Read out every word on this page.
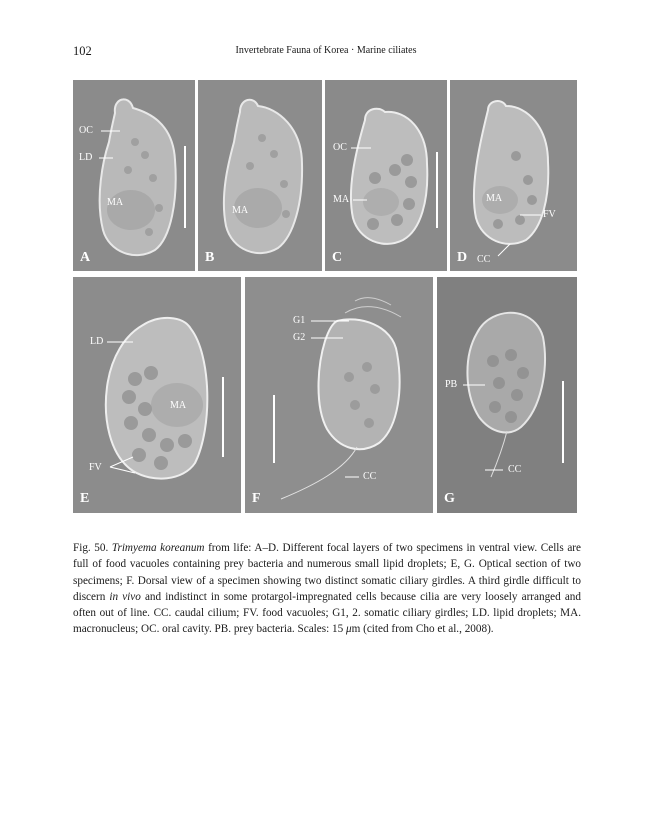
102	Invertebrate Fauna of Korea · Marine ciliates
OC
LD
MA
A
MA
B
OC
MA
C
MA
FV
CC
D
LD
MA
FV
E
G1
G2
CC
F
PB
CC
G

Fig. 50. Trimyema koreanum from life: A–D. Different focal layers of two specimens in ventral view. Cells are full of food vacuoles containing prey bacteria and numerous small lipid droplets; E, G. Optical section of two specimens; F. Dorsal view of a specimen showing two distinct somatic ciliary girdles. A third girdle difficult to discern in vivo and indistinct in some protargol-impregnated cells because cilia are very loosely arranged and often out of line. CC. caudal cilium; FV. food vacuoles; G1, 2. somatic ciliary girdles; LD. lipid droplets; MA. macronucleus; OC. oral cavity. PB. prey bacteria. Scales: 15 μm (cited from Cho et al., 2008).
